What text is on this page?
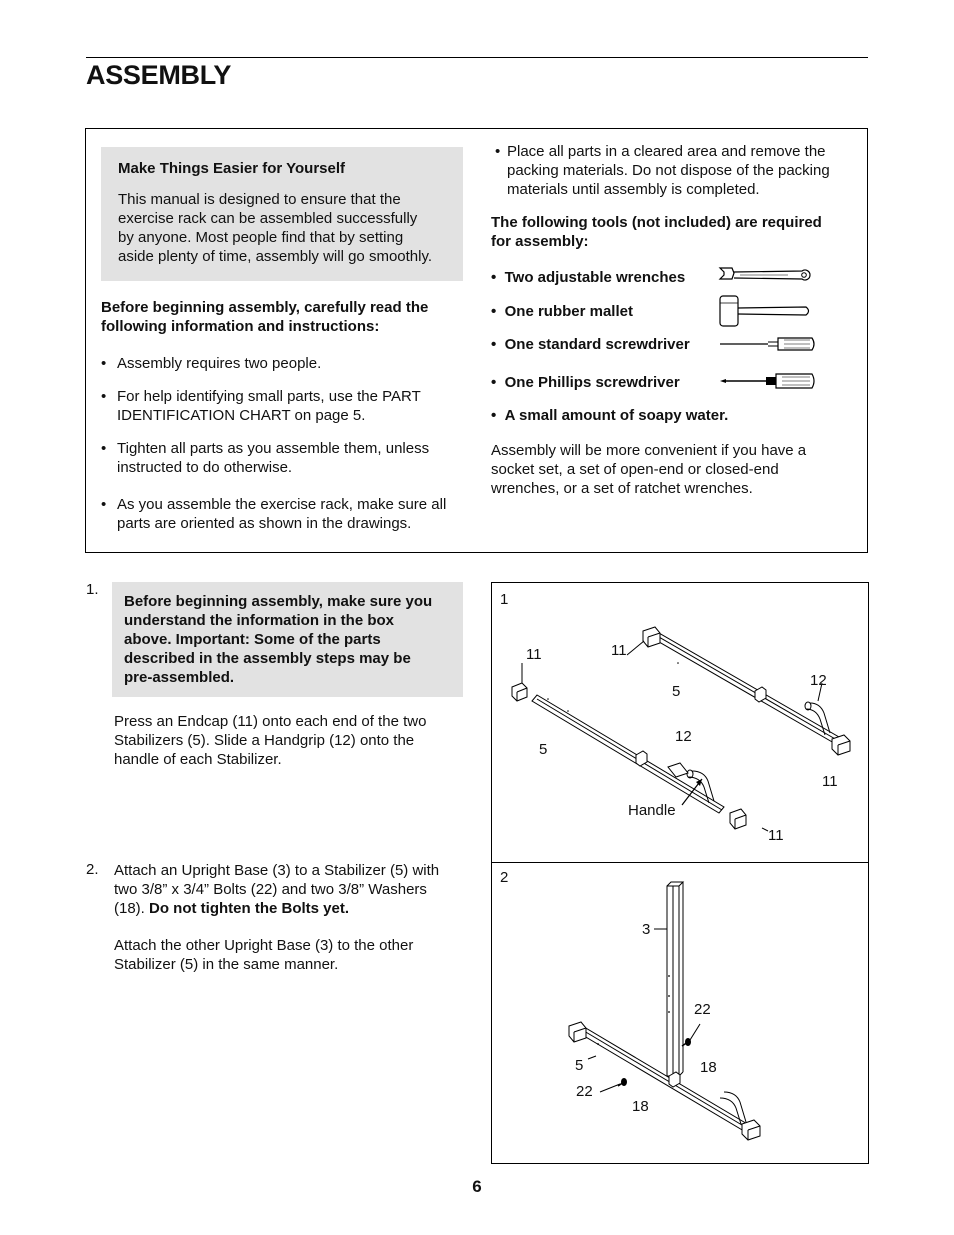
ASSEMBLY
Make Things Easier for Yourself
This manual is designed to ensure that the
exercise rack can be assembled successfully
by anyone. Most people find that by setting
aside plenty of time, assembly will go smoothly.
Before beginning assembly, carefully read the
following information and instructions:
• Assembly requires two people.
• For help identifying small parts, use the PART
IDENTIFICATION CHART on page 5.
• Tighten all parts as you assemble them, unless
instructed to do otherwise.
• As you assemble the exercise rack, make sure all
parts are oriented as shown in the drawings.
• Place all parts in a cleared area and remove the
packing materials. Do not dispose of the packing
materials until assembly is completed.
The following tools (not included) are required
for assembly:
• Two adjustable wrenches
• One rubber mallet
• One standard screwdriver
• One Phillips screwdriver
• A small amount of soapy water.
Assembly will be more convenient if you have a
socket set, a set of open-end or closed-end
wrenches, or a set of ratchet wrenches.
1.
Before beginning assembly, make sure you
understand the information in the box
above. Important: Some of the parts
described in the assembly steps may be
pre-assembled.
Press an Endcap (11) onto each end of the two
Stabilizers (5). Slide a Handgrip (12) onto the
handle of each Stabilizer.
2. Attach an Upright Base (3) to a Stabilizer (5) with
two 3/8” x 3/4” Bolts (22) and two 3/8” Washers
(18). Do not tighten the Bolts yet.
Attach the other Upright Base (3) to the other
Stabilizer (5) in the same manner.
1
2
11	11
11
11
5
5
12
12
Handle
3
22
22
18
18
5
6
